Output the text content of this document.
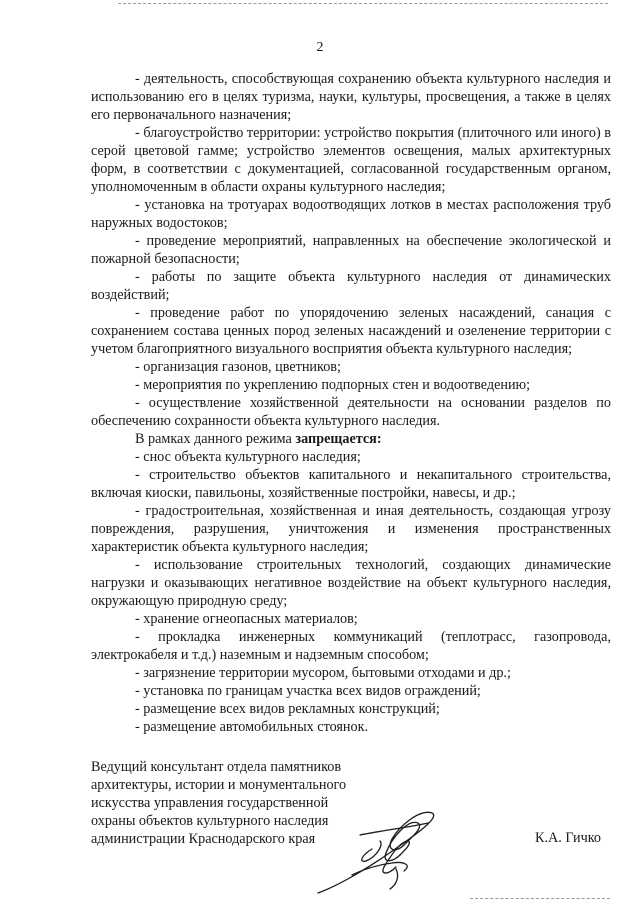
2

- деятельность, способствующая сохранению объекта культурного наследия и использованию его в целях туризма, науки, культуры, просвещения, а также в целях его первоначального назначения;

- благоустройство территории: устройство покрытия (плиточного или иного) в серой цветовой гамме; устройство элементов освещения, малых архитектурных форм, в соответствии с документацией, согласованной государственным органом, уполномоченным в области охраны культурного наследия;

- установка на тротуарах водоотводящих лотков в местах расположения труб наружных водостоков;

- проведение мероприятий, направленных на обеспечение экологической и пожарной безопасности;

- работы по защите объекта культурного наследия от динамических воздействий;

- проведение работ по упорядочению зеленых насаждений, санация с сохранением состава ценных пород зеленых насаждений и озеленение территории с учетом благоприятного визуального восприятия объекта культурного наследия;

- организация газонов, цветников;

- мероприятия по укреплению подпорных стен и водоотведению;

- осуществление хозяйственной деятельности на основании разделов по обеспечению сохранности объекта культурного наследия.

В рамках данного режима запрещается:

- снос объекта культурного наследия;

- строительство объектов капитального и некапитального строительства, включая киоски, павильоны, хозяйственные постройки, навесы, и др.;

- градостроительная, хозяйственная и иная деятельность, создающая угрозу повреждения, разрушения, уничтожения и изменения пространственных характеристик объекта культурного наследия;

- использование строительных технологий, создающих динамические нагрузки и оказывающих негативное воздействие на объект культурного наследия, окружающую природную среду;

- хранение огнеопасных материалов;

- прокладка инженерных коммуникаций (теплотрасс, газопровода, электрокабеля и т.д.) наземным и надземным способом;

- загрязнение территории мусором, бытовыми отходами и др.;

- установка по границам участка всех видов ограждений;

- размещение всех видов рекламных конструкций;

- размещение автомобильных стоянок.

Ведущий консультант отдела памятников
архитектуры, истории и монументального
искусства управления государственной
охраны объектов культурного наследия
администрации Краснодарского края	К.А. Гичко
